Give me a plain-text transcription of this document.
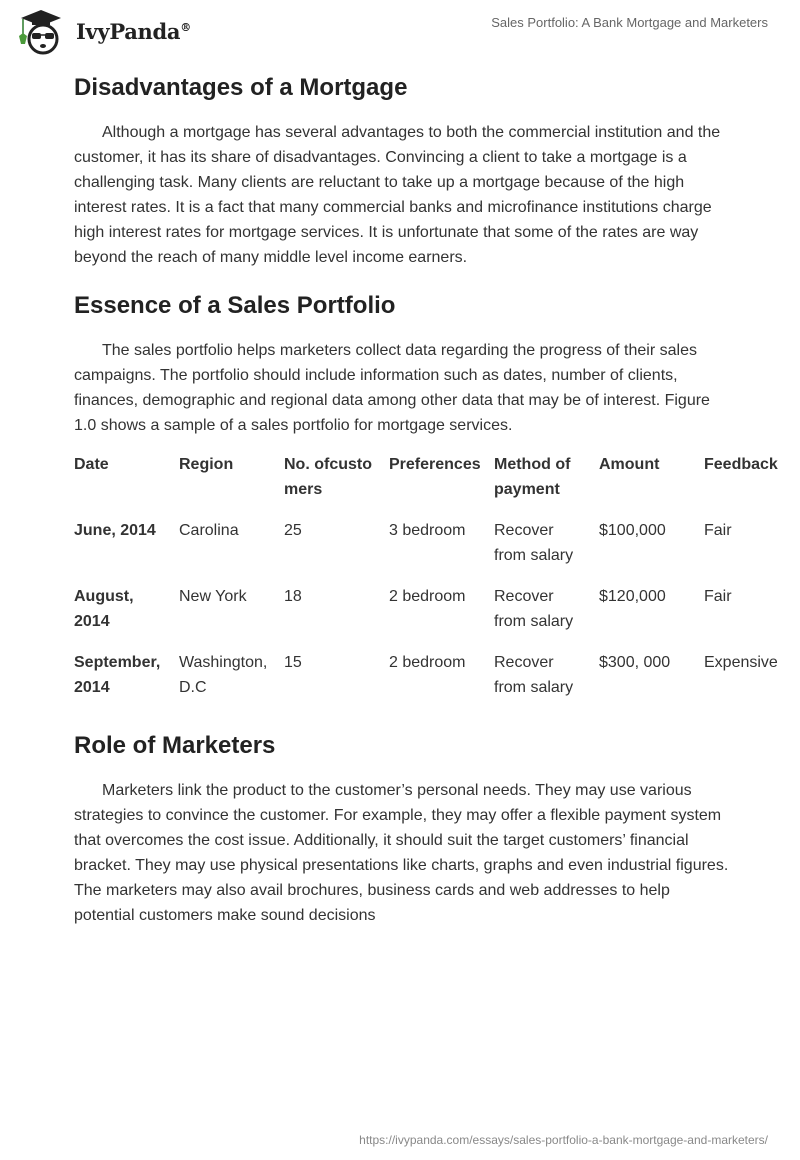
IvyPanda®	Sales Portfolio: A Bank Mortgage and Marketers
Disadvantages of a Mortgage

Although a mortgage has several advantages to both the commercial institution and the customer, it has its share of disadvantages. Convincing a client to take a mortgage is a challenging task. Many clients are reluctant to take up a mortgage because of the high interest rates. It is a fact that many commercial banks and microfinance institutions charge high interest rates for mortgage services. It is unfortunate that some of the rates are way beyond the reach of many middle level income earners.

Essence of a Sales Portfolio

The sales portfolio helps marketers collect data regarding the progress of their sales campaigns. The portfolio should include information such as dates, number of clients, finances, demographic and regional data among other data that may be of interest. Figure 1.0 shows a sample of a sales portfolio for mortgage services.

Date	Region	No. ofcustomers	Preferences	Method of payment	Amount	Feedback
June, 2014	Carolina	25	3 bedroom	Recover from salary	$100,000	Fair
August, 2014	New York	18	2 bedroom	Recover from salary	$120,000	Fair
September, 2014	Washington, D.C	15	2 bedroom	Recover from salary	$300, 000	Expensive
Role of Marketers

Marketers link the product to the customer’s personal needs. They may use various strategies to convince the customer. For example, they may offer a flexible payment system that overcomes the cost issue. Additionally, it should suit the target customers’ financial bracket. They may use physical presentations like charts, graphs and even industrial figures. The marketers may also avail brochures, business cards and web addresses to help potential customers make sound decisions

https://ivypanda.com/essays/sales-portfolio-a-bank-mortgage-and-marketers/
